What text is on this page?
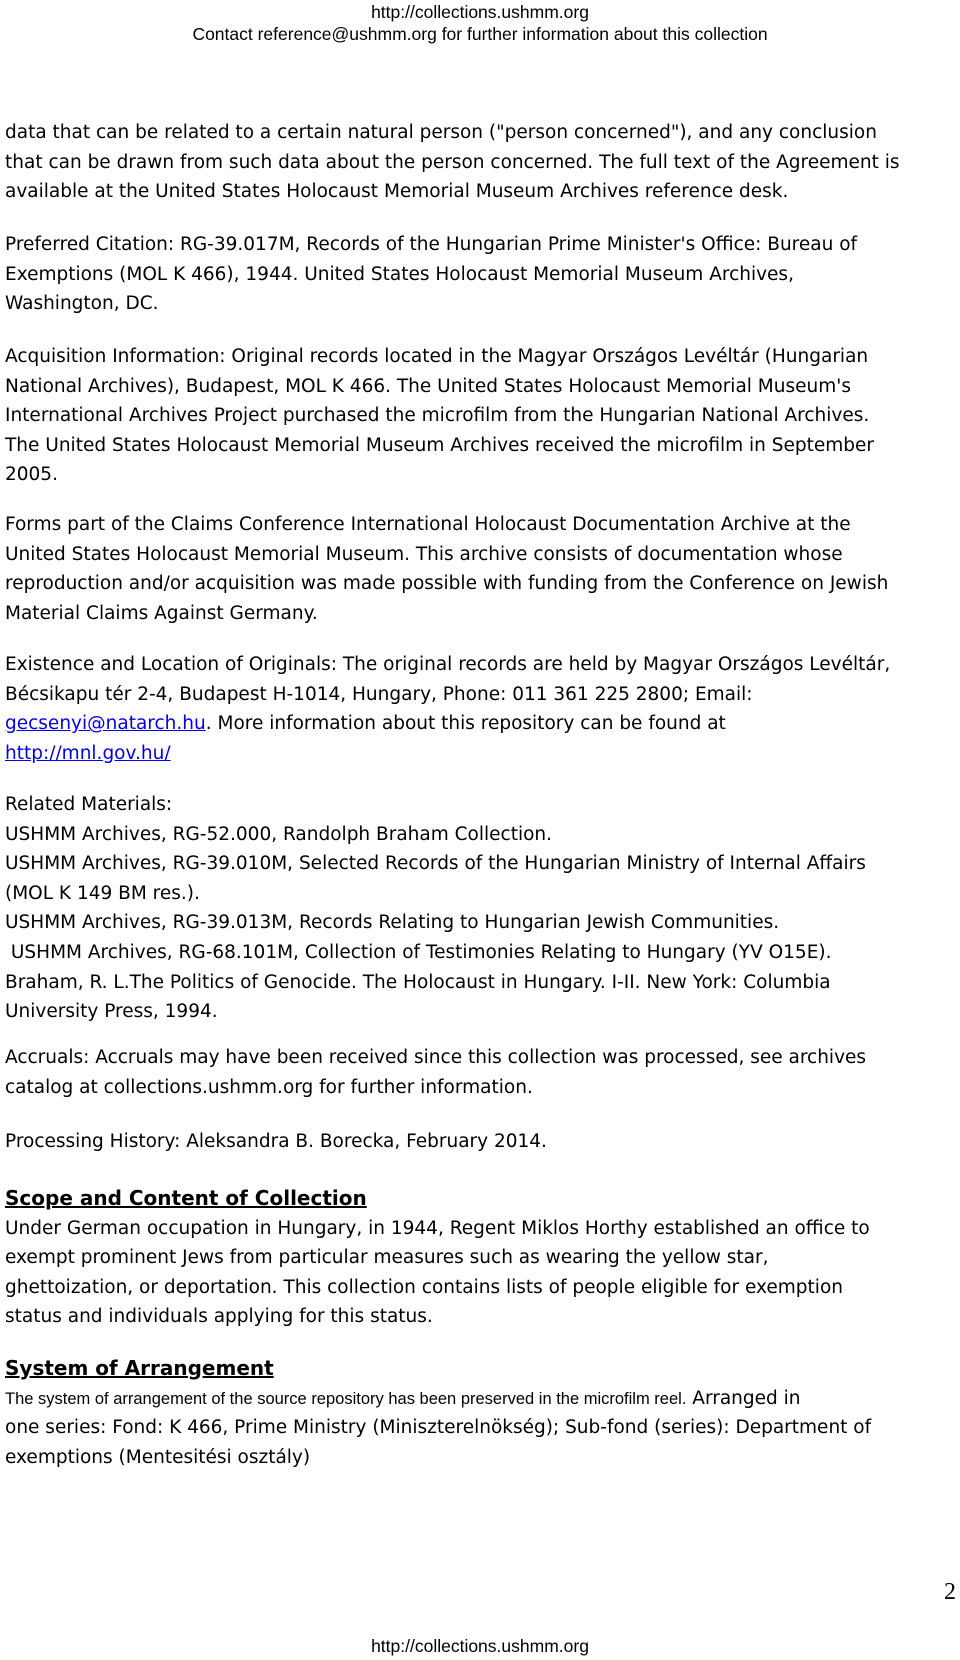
http://collections.ushmm.org
Contact reference@ushmm.org for further information about this collection
data that can be related to a certain natural person ("person concerned"), and any conclusion
that can be drawn from such data about the person concerned. The full text of the Agreement is
available at the United States Holocaust Memorial Museum Archives reference desk.
Preferred Citation: RG-39.017M, Records of the Hungarian Prime Minister's Office: Bureau of
Exemptions (MOL K 466), 1944. United States Holocaust Memorial Museum Archives,
Washington, DC.
Acquisition Information: Original records located in the Magyar Országos Levéltár (Hungarian
National Archives), Budapest, MOL K 466. The United States Holocaust Memorial Museum's
International Archives Project purchased the microfilm from the Hungarian National Archives.
The United States Holocaust Memorial Museum Archives received the microfilm in September
2005.
Forms part of the Claims Conference International Holocaust Documentation Archive at the
United States Holocaust Memorial Museum. This archive consists of documentation whose
reproduction and/or acquisition was made possible with funding from the Conference on Jewish
Material Claims Against Germany.
Existence and Location of Originals: The original records are held by Magyar Országos Levéltár,
Bécsikapu tér 2-4, Budapest H-1014, Hungary, Phone: 011 361 225 2800; Email:
gecsenyi@natarch.hu. More information about this repository can be found at
http://mnl.gov.hu/
Related Materials:
USHMM Archives, RG-52.000, Randolph Braham Collection.
USHMM Archives, RG-39.010M, Selected Records of the Hungarian Ministry of Internal Affairs
(MOL K 149 BM res.).
USHMM Archives, RG-39.013M, Records Relating to Hungarian Jewish Communities.
USHMM Archives, RG-68.101M, Collection of Testimonies Relating to Hungary (YV O15E).
Braham, R. L.The Politics of Genocide. The Holocaust in Hungary. I-II. New York: Columbia
University Press, 1994.
Accruals: Accruals may have been received since this collection was processed, see archives
catalog at collections.ushmm.org for further information.
Processing History: Aleksandra B. Borecka, February 2014.
Scope and Content of Collection
Under German occupation in Hungary, in 1944, Regent Miklos Horthy established an office to
exempt prominent Jews from particular measures such as wearing the yellow star,
ghettoization, or deportation. This collection contains lists of people eligible for exemption
status and individuals applying for this status.
System of Arrangement
The system of arrangement of the source repository has been preserved in the microfilm reel. Arranged in
one series: Fond: K 466, Prime Ministry (Miniszterelnökség); Sub-fond (series): Department of
exemptions (Mentesitési osztály)
2
http://collections.ushmm.org
